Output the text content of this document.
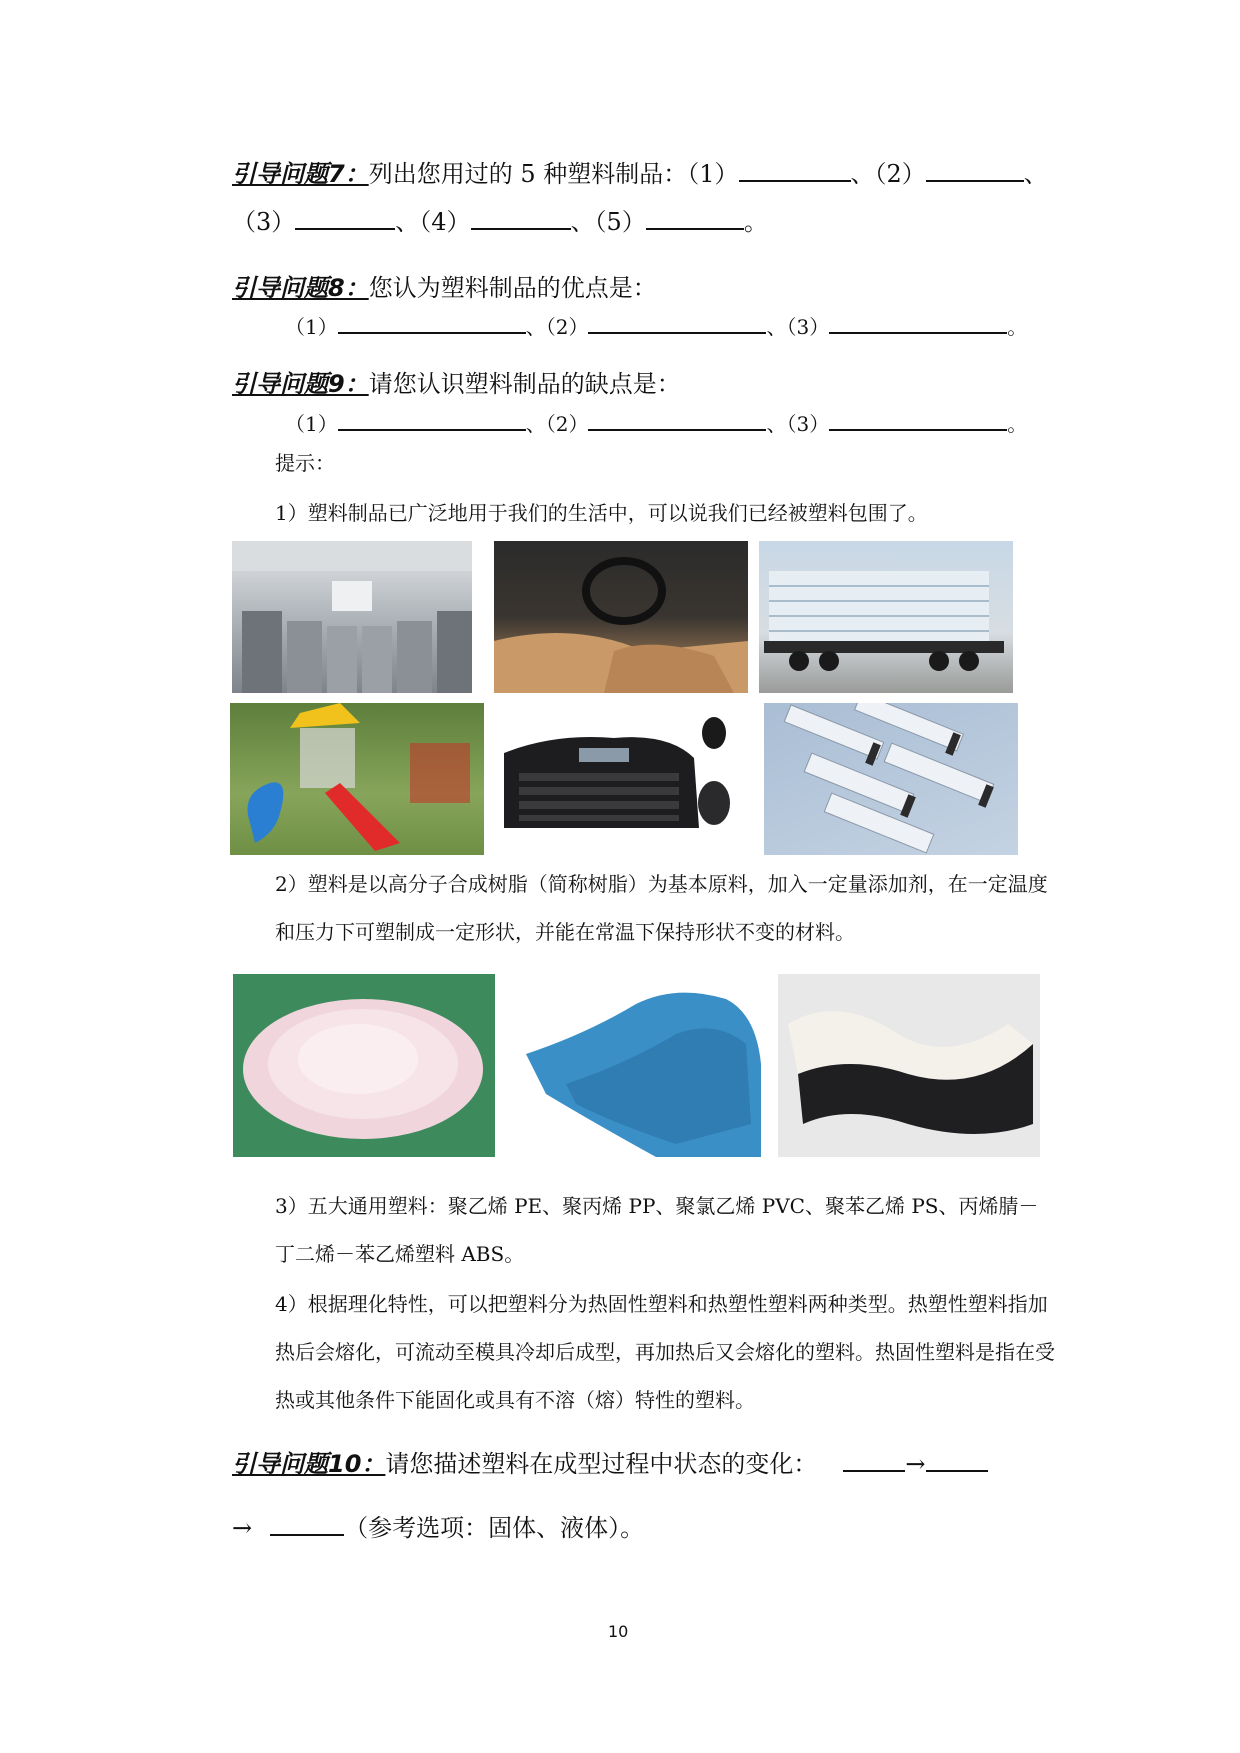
引导问题7：列出您用过的 5 种塑料制品：（1）	、（2）	、
（3）	、（4）	、（5）	。
引导问题8：您认为塑料制品的优点是：
（1）	、（2）	、（3）	。
引导问题9：请您认识塑料制品的缺点是：
（1）	、（2）	、（3）	。
提示：
1）塑料制品已广泛地用于我们的生活中，可以说我们已经被塑料包围了。
2）塑料是以高分子合成树脂（简称树脂）为基本原料，加入一定量添加剂，在一定温度和压力下可塑制成一定形状，并能在常温下保持形状不变的材料。
3）五大通用塑料：聚乙烯 PE、聚丙烯 PP、聚氯乙烯 PVC、聚苯乙烯 PS、丙烯腈－丁二烯－苯乙烯塑料 ABS。
4）根据理化特性，可以把塑料分为热固性塑料和热塑性塑料两种类型。热塑性塑料指加热后会熔化，可流动至模具冷却后成型，再加热后又会熔化的塑料。热固性塑料是指在受热或其他条件下能固化或具有不溶（熔）特性的塑料。
引导问题10：请您描述塑料在成型过程中状态的变化：	→
→	（参考选项：固体、液体）。
10
